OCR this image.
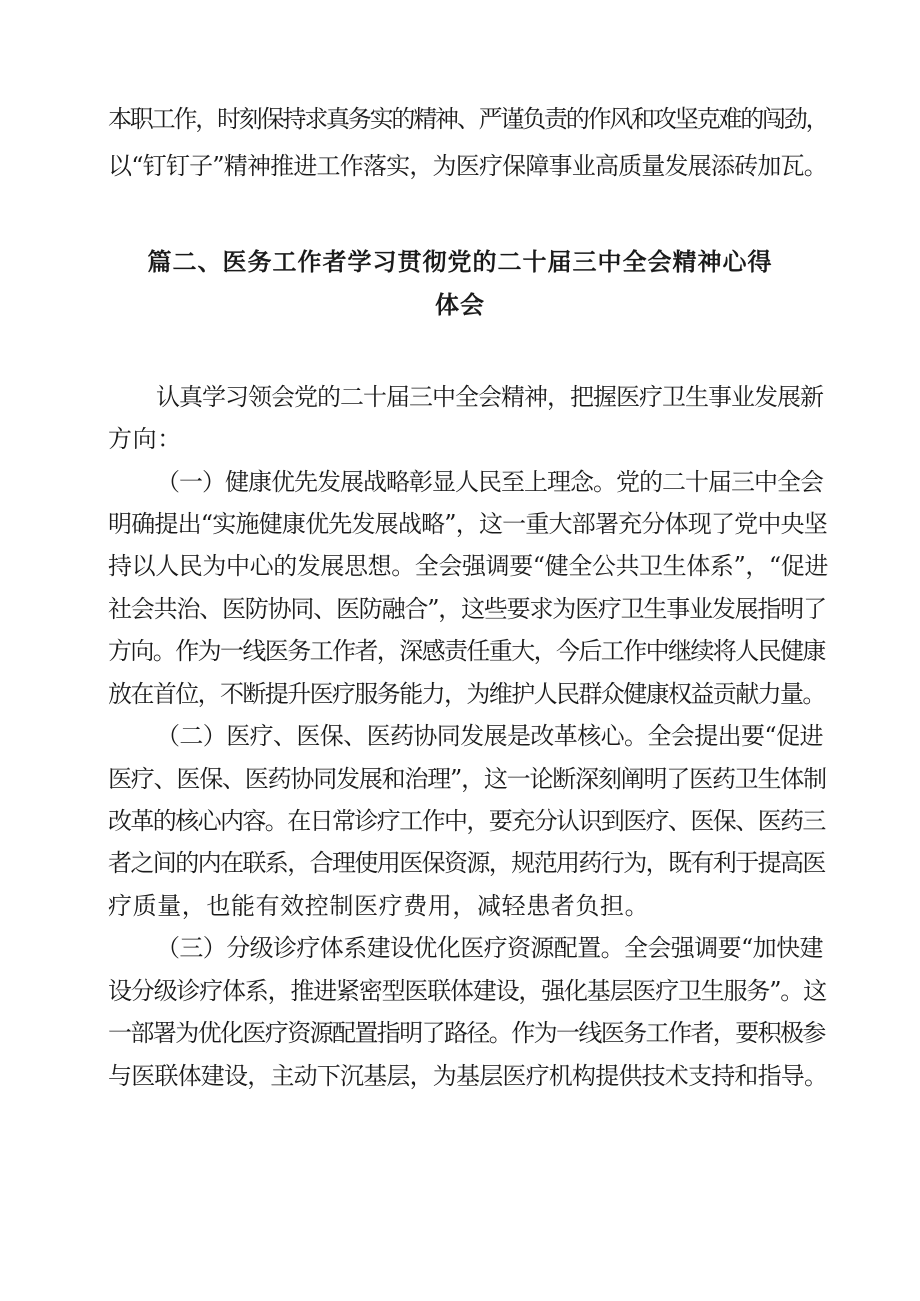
本职工作，时刻保持求真务实的精神、严谨负责的作风和攻坚克难的闯劲，
以“钉钉子”精神推进工作落实，为医疗保障事业高质量发展添砖加瓦。
篇二、医务工作者学习贯彻党的二十届三中全会精神心得
体会
认真学习领会党的二十届三中全会精神，把握医疗卫生事业发展新
方向：
（一）健康优先发展战略彰显人民至上理念。党的二十届三中全会
明确提出“实施健康优先发展战略”，这一重大部署充分体现了党中央坚
持以人民为中心的发展思想。全会强调要“健全公共卫生体系”，“促进
社会共治、医防协同、医防融合”，这些要求为医疗卫生事业发展指明了
方向。作为一线医务工作者，深感责任重大，今后工作中继续将人民健康
放在首位，不断提升医疗服务能力，为维护人民群众健康权益贡献力量。
（二）医疗、医保、医药协同发展是改革核心。全会提出要“促进
医疗、医保、医药协同发展和治理”，这一论断深刻阐明了医药卫生体制
改革的核心内容。在日常诊疗工作中，要充分认识到医疗、医保、医药三
者之间的内在联系，合理使用医保资源，规范用药行为，既有利于提高医
疗质量，也能有效控制医疗费用，减轻患者负担。
（三）分级诊疗体系建设优化医疗资源配置。全会强调要“加快建
设分级诊疗体系，推进紧密型医联体建设，强化基层医疗卫生服务”。这
一部署为优化医疗资源配置指明了路径。作为一线医务工作者，要积极参
与医联体建设，主动下沉基层，为基层医疗机构提供技术支持和指导。
